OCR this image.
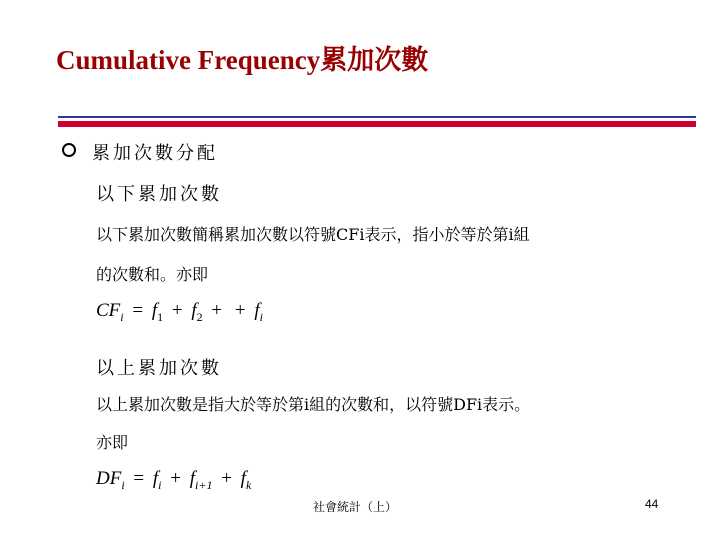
Cumulative Frequency累加次數
累加次數分配
以下累加次數
以下累加次數簡稱累加次數以符號CFi表示，指小於等於第i組
的次數和。亦即
$CF_i = f_1 + f_2$ + + $f_i$
以上累加次數
以上累加次數是指大於等於第i組的次數和，以符號DFi表示。
亦即
$DF_i = f_i + f_{i+1} + f_k$
社會統計（上）	44
